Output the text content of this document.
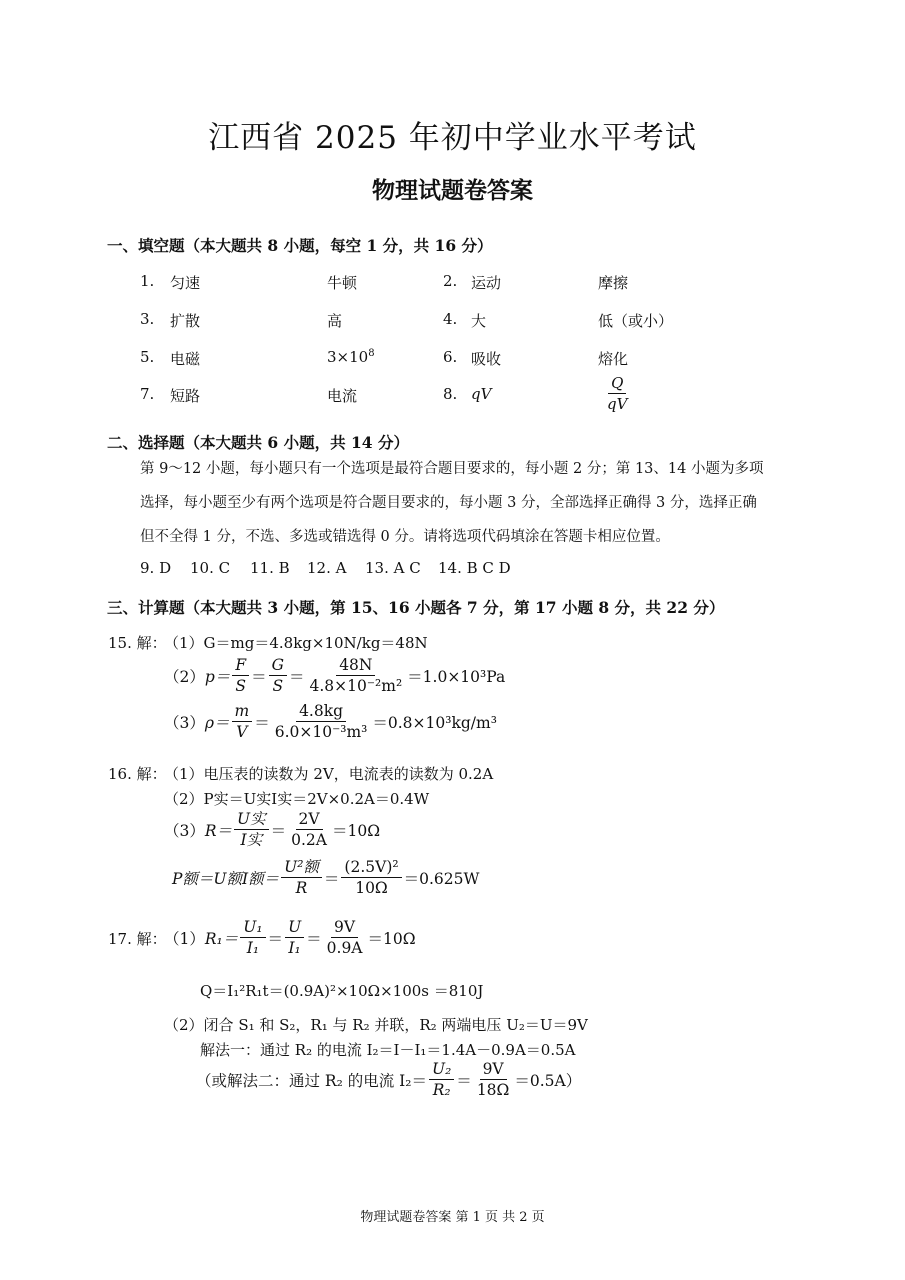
江西省 2025 年初中学业水平考试
物理试题卷答案
一、填空题（本大题共 8 小题，每空 1 分，共 16 分）
1. 匀速	牛顿	2. 运动	摩擦
3. 扩散	高	4. 大	低（或小）
5. 电磁	$3\times 10^8$	6. 吸收	熔化
7. 短路	电流	8. qV	$\frac{Q}{qV}$
二、选择题（本大题共 6 小题，共 14 分）
第 9～12 小题，每小题只有一个选项是最符合题目要求的，每小题 2 分；第 13、14 小题为多项
选择，每小题至少有两个选项是符合题目要求的，每小题 3 分，全部选择正确得 3 分，选择正确
但不全得 1 分，不选、多选或错选得 0 分。请将选项代码填涂在答题卡相应位置。
9. D 10. C 11. B 12. A 13. A C 14. B C D
三、计算题（本大题共 3 小题，第 15、16 小题各 7 分，第 17 小题 8 分，共 22 分）
15. 解：
（1）G＝mg＝4.8kg×10N/kg＝48N
（2） $p= \frac{F}{S} = \frac{G}{S} = \frac{48N}{\text{4.8×10⁻²m²}} =1.0\times 10^3Pa$
（3） $\rho= \frac{m}{V} = \frac{4.8kg}{\text{6.0×10⁻³m³}} =0.8\times 10^3kg/m^3$
16. 解：
（1）电压表的读数为 2V，电流表的读数为 0.2A
（2）P实＝U实I实＝2V×0.2A＝0.4W
（3） $R= \frac{\text{U实}}{\text{I实}} = \frac{2V}{0.2A} =10\Omega$
P额＝U额I额＝ $\frac{\text{U²额}}{R} = \frac{\text{(2.5V)²}}{10\Omega} =0.625W$
17. 解：
（1） $R_1= \frac{\text{U₁}}{\text{I₁}} = \frac{U}{\text{I₁}} = \frac{9V}{0.9A} =10\Omega$
Q＝I₁²R₁t＝(0.9A)²×10Ω×100s ＝810J
（2）闭合 S₁ 和 S₂，R₁ 与 R₂ 并联，R₂ 两端电压 U₂＝U＝9V
解法一：通过 R₂ 的电流 I₂＝I－I₁＝1.4A－0.9A＝0.5A
（或解法二：通过 R₂ 的电流 $I_2= \frac{\text{U₂}}{\text{R₂}} = \frac{9V}{18\Omega} =0.5A$）
物理试题卷答案 第 1 页 共 2 页
